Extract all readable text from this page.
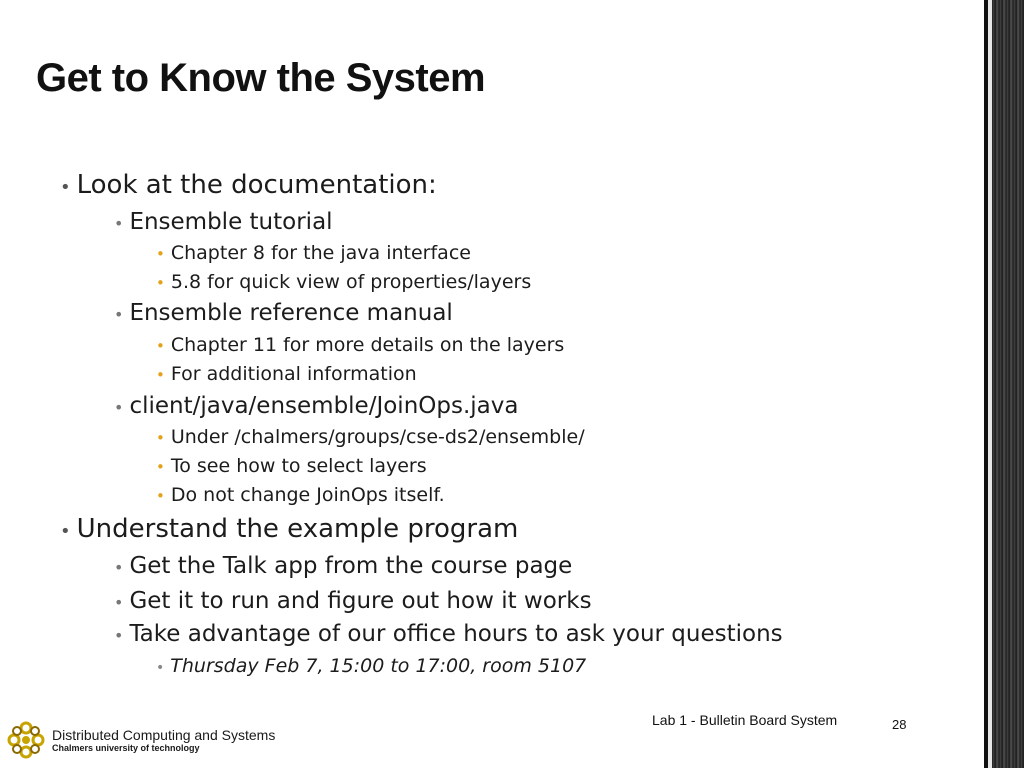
Get to Know the System
• Look at the documentation:
• Ensemble tutorial
• Chapter 8 for the java interface
• 5.8 for quick view of properties/layers
• Ensemble reference manual
• Chapter 11 for more details on the layers
• For additional information
• client/java/ensemble/JoinOps.java
• Under /chalmers/groups/cse-ds2/ensemble/
• To see how to select layers
• Do not change JoinOps itself.
• Understand the example program
• Get the Talk app from the course page
• Get it to run and figure out how it works
• Take advantage of our office hours to ask your questions
• Thursday Feb 7, 15:00 to 17:00, room 5107
Distributed Computing and Systems
Chalmers university of technology
Lab 1 - Bulletin Board System	28
